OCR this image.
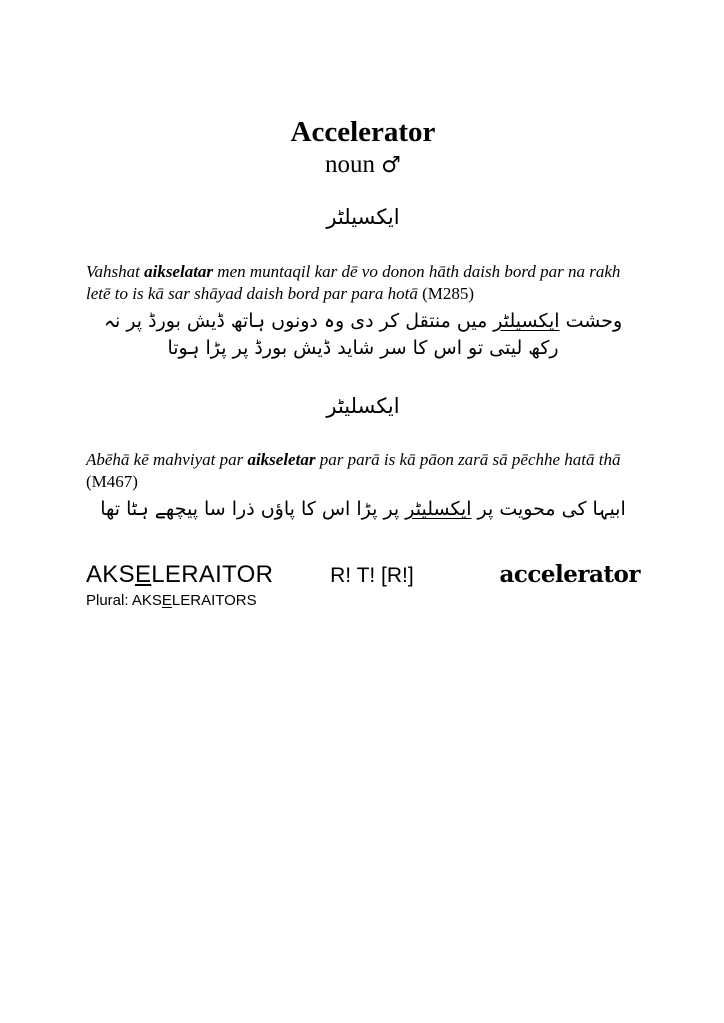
Accelerator
noun ♂
ایکسیلٹر

Vahshat aikselatar men muntaqil kar dē vo donon hāth daish bord par na rakh letē to is kā sar shāyad daish bord par para hotā (M285)

وحشت ایکسیلٹر میں منتقل کر دی وہ دونوں ہاتھ ڈیش بورڈ پر نہ
رکھ لیتی تو اس کا سر شاید ڈیش بورڈ پر پڑا ہوتا
ایکسلیٹر

Abēhā kē mahviyat par aikseletar par parā is kā pāon zarā sā pēchhe hatā thā (M467)

ابیہا کی محویت پر ایکسلیٹر پر پڑا اس کا پاؤں ذرا سا پیچھے ہٹا تھا
AKSELERAITOR	R! T! [R!]	accelerator
Plural: AKSELERAITORS
